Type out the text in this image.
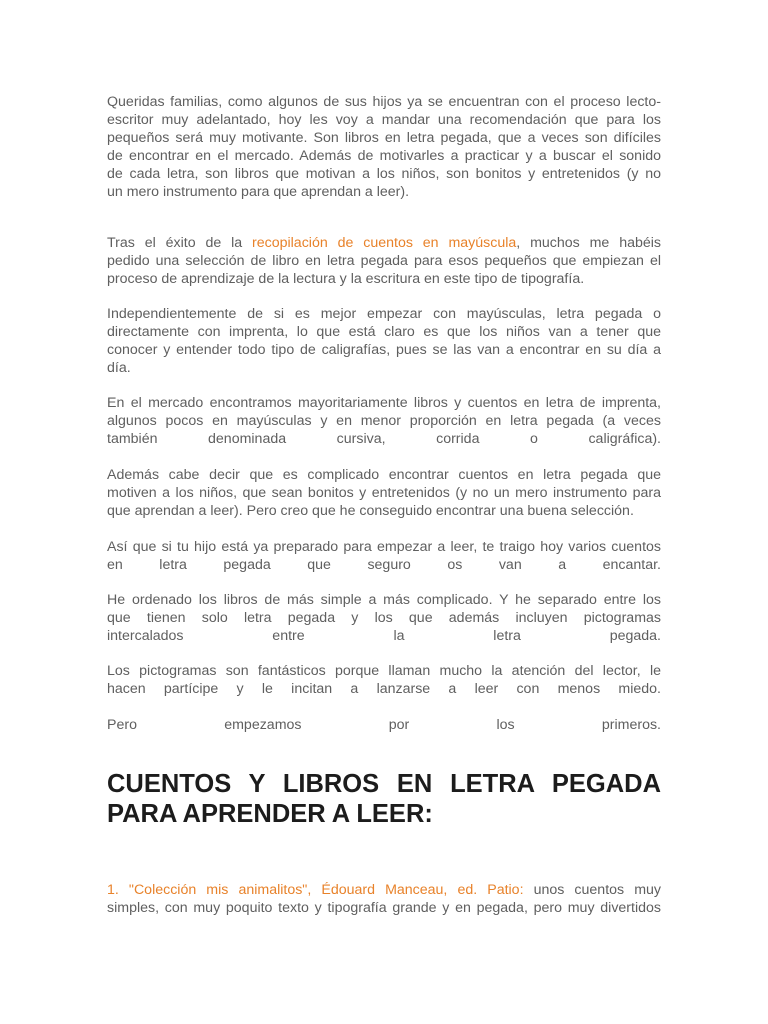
Queridas familias, como algunos de sus hijos ya se encuentran con el proceso lecto-
escritor muy adelantado, hoy les voy a mandar una recomendación que para los
pequeños será muy motivante. Son libros en letra pegada, que a veces son difíciles
de encontrar en el mercado. Además de motivarles a practicar y a buscar el sonido
de cada letra, son libros que motivan a los niños, son bonitos y entretenidos (y no
un mero instrumento para que aprendan a leer).

Tras el éxito de la recopilación de cuentos en mayúscula, muchos me habéis
pedido una selección de libro en letra pegada para esos pequeños que empiezan el
proceso de aprendizaje de la lectura y la escritura en este tipo de tipografía.

Independientemente de si es mejor empezar con mayúsculas, letra pegada o
directamente con imprenta, lo que está claro es que los niños van a tener que
conocer y entender todo tipo de caligrafías, pues se las van a encontrar en su día a
día.

En el mercado encontramos mayoritariamente libros y cuentos en letra de imprenta,
algunos pocos en mayúsculas y en menor proporción en letra pegada (a veces
también denominada cursiva, corrida o caligráfica).

Además cabe decir que es complicado encontrar cuentos en letra pegada que
motiven a los niños, que sean bonitos y entretenidos (y no un mero instrumento para
que aprendan a leer). Pero creo que he conseguido encontrar una buena selección.

Así que si tu hijo está ya preparado para empezar a leer, te traigo hoy varios cuentos
en letra pegada que seguro os van a encantar.

He ordenado los libros de más simple a más complicado. Y he separado entre los
que tienen solo letra pegada y los que además incluyen pictogramas
intercalados entre la letra pegada.

Los pictogramas son fantásticos porque llaman mucho la atención del lector, le
hacen partícipe y le incitan a lanzarse a leer con menos miedo.

Pero empezamos por los primeros.

CUENTOS Y LIBROS EN LETRA PEGADA
PARA APRENDER A LEER:

1. "Colección mis animalitos", Édouard Manceau, ed. Patio: unos cuentos muy
simples, con muy poquito texto y tipografía grande y en pegada, pero muy divertidos
